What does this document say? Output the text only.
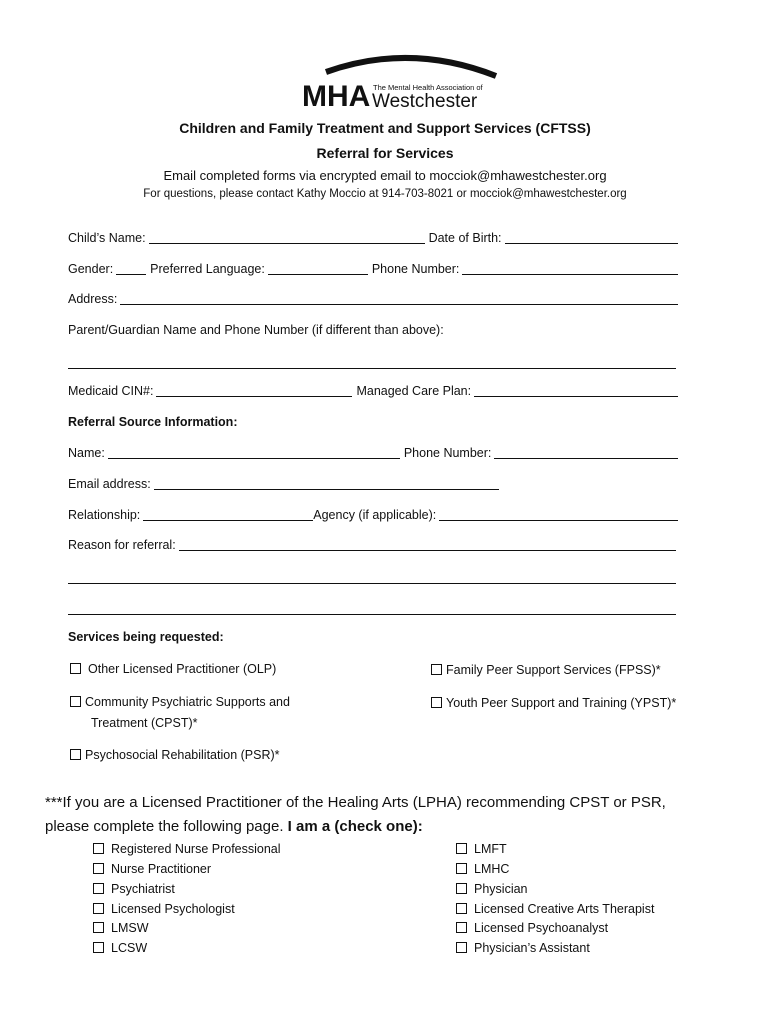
MHA The Mental Health Association of
Westchester
Children and Family Treatment and Support Services (CFTSS)
Referral for Services
Email completed forms via encrypted email to mocciok@mhawestchester.org
For questions, please contact Kathy Moccio at 914-703-8021 or mocciok@mhawestchester.org
Child’s Name:	Date of Birth:
Gender:	Preferred Language:	Phone Number:
Address:
Parent/Guardian Name and Phone Number (if different than above):
Medicaid CIN#:	Managed Care Plan:
Referral Source Information:
Name:	Phone Number:
Email address:
Relationship:	Agency (if applicable):
Reason for referral:
Services being requested:
Other Licensed Practitioner (OLP)	Family Peer Support Services (FPSS)*
Community Psychiatric Supports and
Treatment (CPST)*
Youth Peer Support and Training (YPST)*
Psychosocial Rehabilitation (PSR)*
***If you are a Licensed Practitioner of the Healing Arts (LPHA) recommending CPST or PSR,
please complete the following page. I am a (check one):
Registered Nurse Professional
Nurse Practitioner
Psychiatrist
Licensed Psychologist
LMSW
LCSW
LMFT
LMHC
Physician
Licensed Creative Arts Therapist
Licensed Psychoanalyst
Physician’s Assistant
